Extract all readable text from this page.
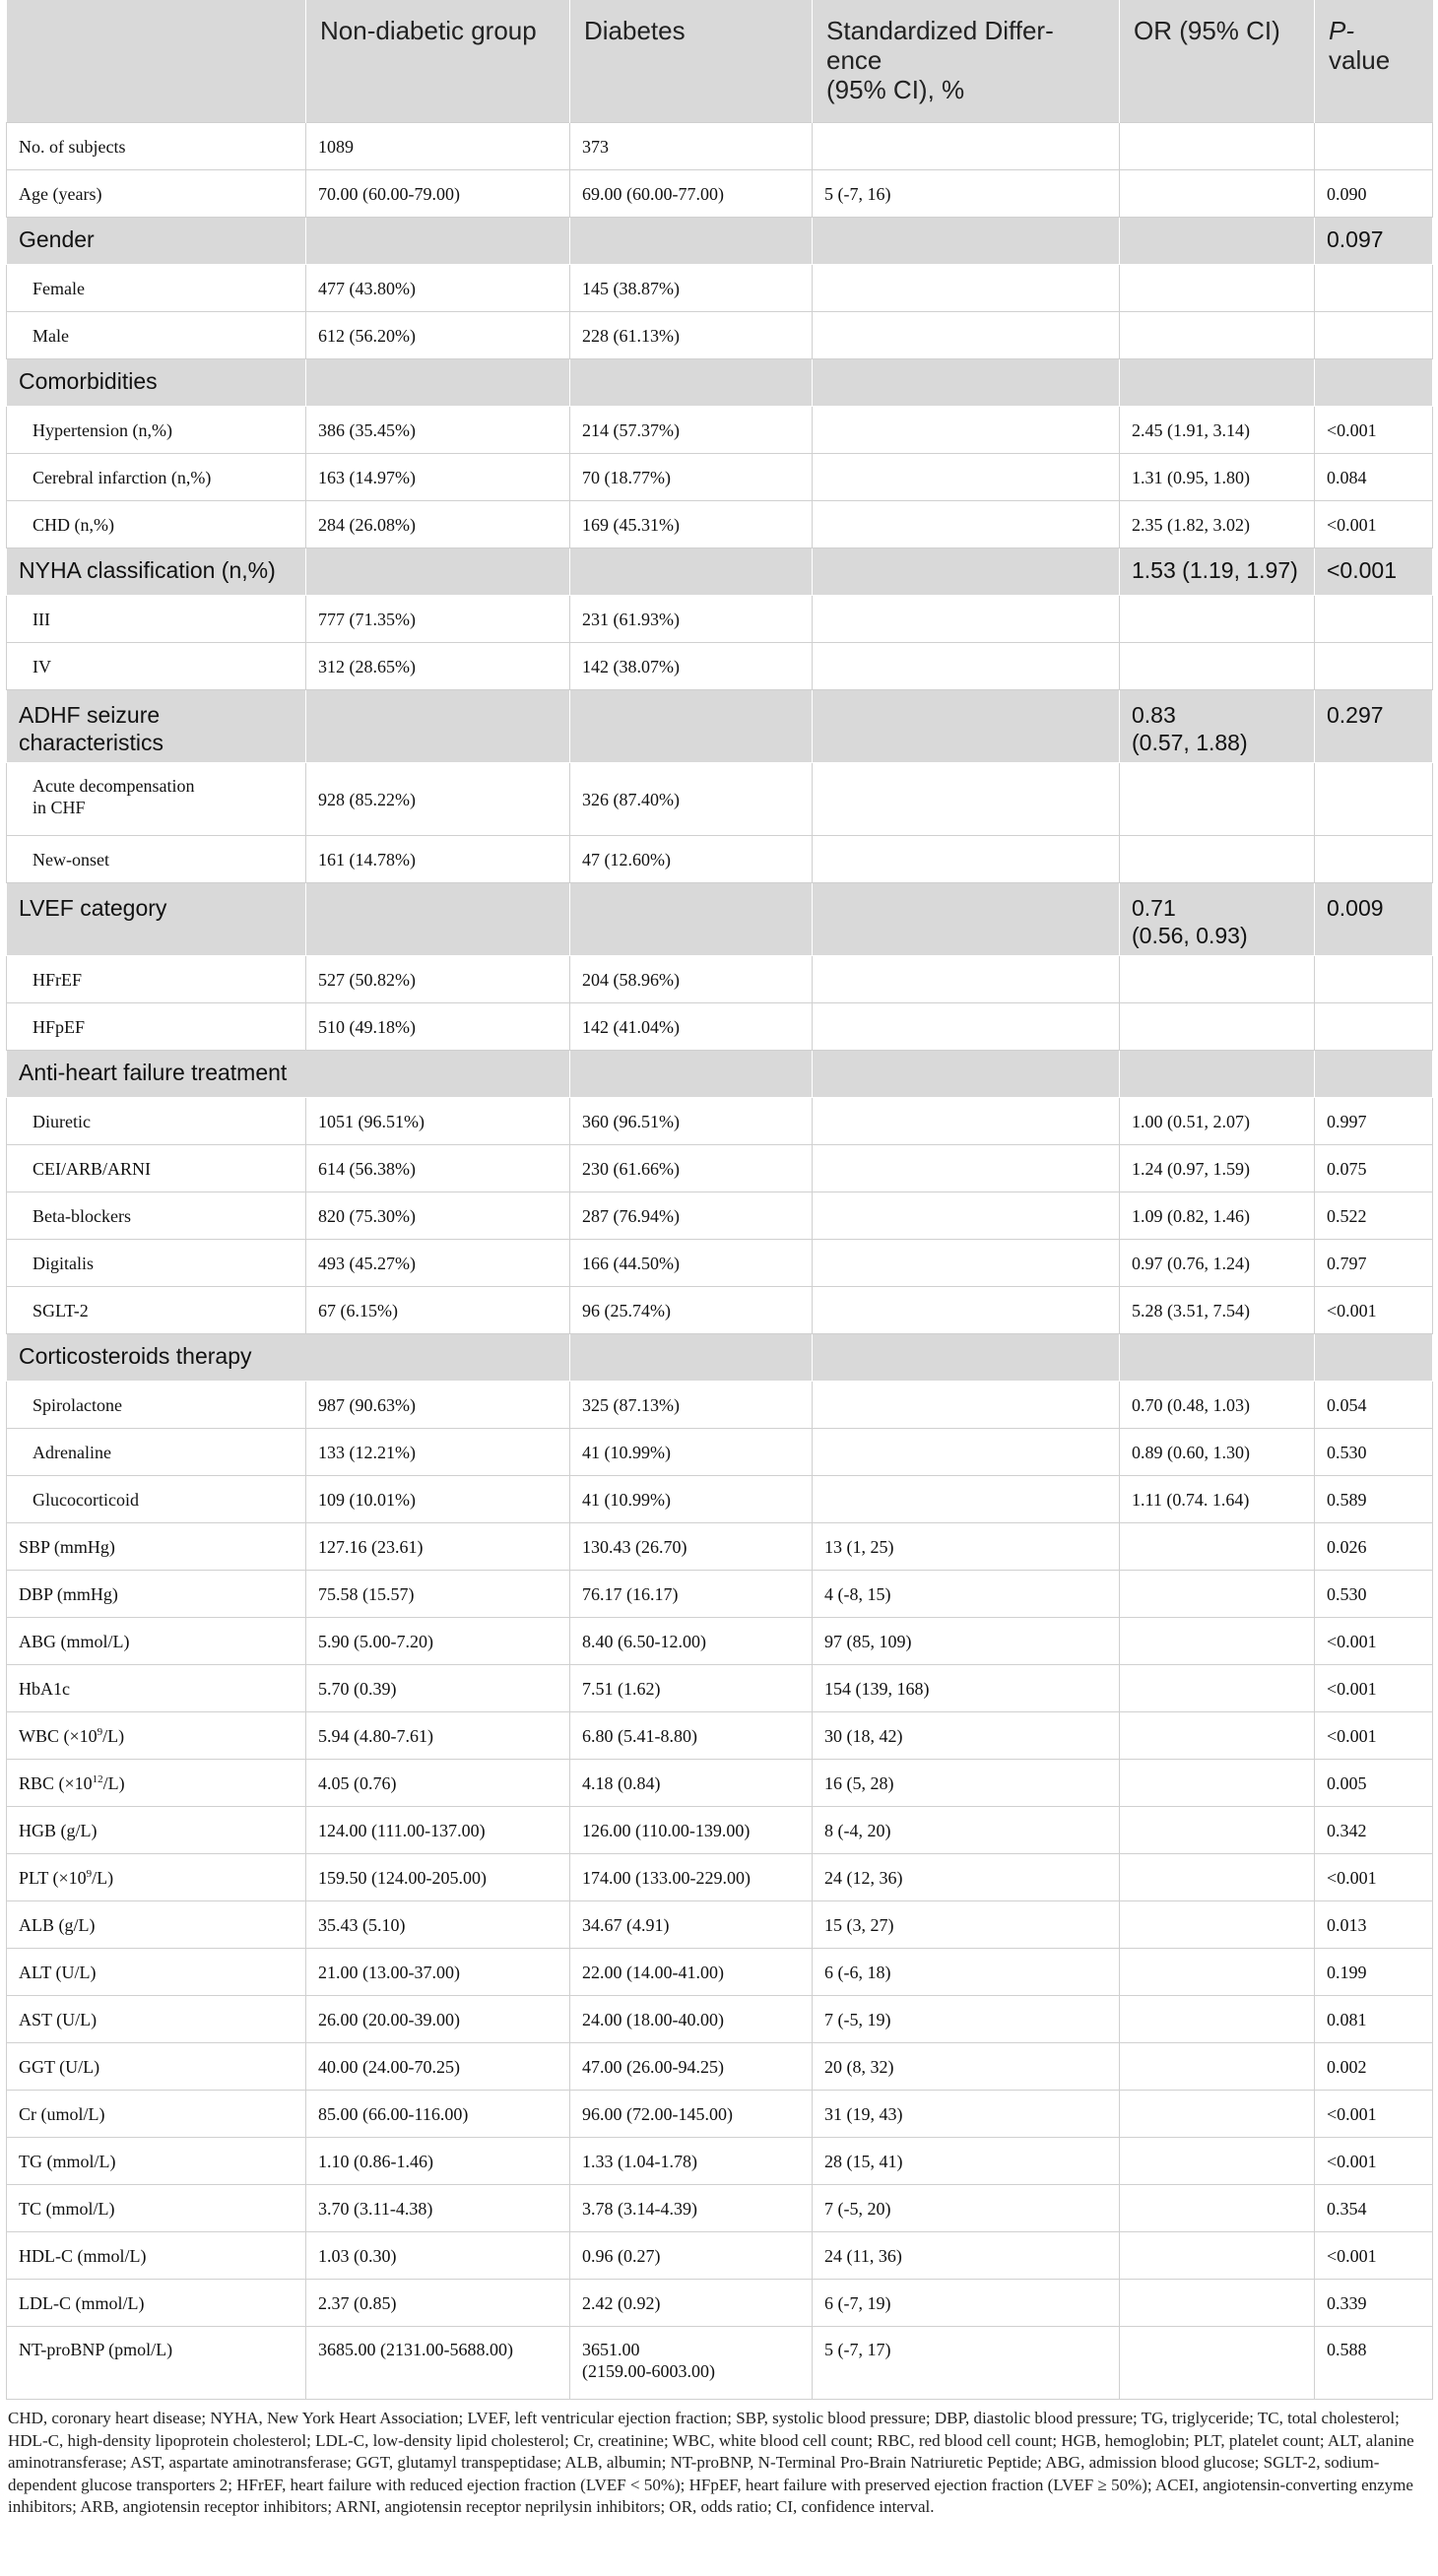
	Non-diabetic group	Diabetes	Standardized Differ-
ence
(95% CI), %	OR (95% CI)	P-
value
No. of subjects	1089	373			
Age (years)	70.00 (60.00-79.00)	69.00 (60.00-77.00)	5 (-7, 16)		0.090
Gender					0.097
Female	477 (43.80%)	145 (38.87%)			
Male	612 (56.20%)	228 (61.13%)			
Comorbidities					
Hypertension (n,%)	386 (35.45%)	214 (57.37%)		2.45 (1.91, 3.14)	<0.001
Cerebral infarction (n,%)	163 (14.97%)	70 (18.77%)		1.31 (0.95, 1.80)	0.084
CHD (n,%)	284 (26.08%)	169 (45.31%)		2.35 (1.82, 3.02)	<0.001
NYHA classification (n,%)				1.53 (1.19, 1.97)	<0.001
III	777 (71.35%)	231 (61.93%)			
IV	312 (28.65%)	142 (38.07%)			
ADHF seizure characteristics				0.83
(0.57, 1.88)	0.297
Acute decompensation
in CHF	928 (85.22%)	326 (87.40%)			
New-onset	161 (14.78%)	47 (12.60%)			
LVEF category				0.71
(0.56, 0.93)	0.009
HFrEF	527 (50.82%)	204 (58.96%)			
HFpEF	510 (49.18%)	142 (41.04%)			
Anti-heart failure treatment					
Diuretic	1051 (96.51%)	360 (96.51%)		1.00 (0.51, 2.07)	0.997
CEI/ARB/ARNI	614 (56.38%)	230 (61.66%)		1.24 (0.97, 1.59)	0.075
Beta-blockers	820 (75.30%)	287 (76.94%)		1.09 (0.82, 1.46)	0.522
Digitalis	493 (45.27%)	166 (44.50%)		0.97 (0.76, 1.24)	0.797
SGLT-2	67 (6.15%)	96 (25.74%)		5.28 (3.51, 7.54)	<0.001
Corticosteroids therapy					
Spirolactone	987 (90.63%)	325 (87.13%)		0.70 (0.48, 1.03)	0.054
Adrenaline	133 (12.21%)	41 (10.99%)		0.89 (0.60, 1.30)	0.530
Glucocorticoid	109 (10.01%)	41 (10.99%)		1.11 (0.74. 1.64)	0.589
SBP (mmHg)	127.16 (23.61)	130.43 (26.70)	13 (1, 25)		0.026
DBP (mmHg)	75.58 (15.57)	76.17 (16.17)	4 (-8, 15)		0.530
ABG (mmol/L)	5.90 (5.00-7.20)	8.40 (6.50-12.00)	97 (85, 109)		<0.001
HbA1c	5.70 (0.39)	7.51 (1.62)	154 (139, 168)		<0.001
WBC $(\times 10^9/L)$	5.94 (4.80-7.61)	6.80 (5.41-8.80)	30 (18, 42)		<0.001
RBC $(\times 10^{12}/L)$	4.05 (0.76)	4.18 (0.84)	16 (5, 28)		0.005
HGB (g/L)	124.00 (111.00-137.00)	126.00 (110.00-139.00)	8 (-4, 20)		0.342
PLT $(\times 10^9/L)$	159.50 (124.00-205.00)	174.00 (133.00-229.00)	24 (12, 36)		<0.001
ALB (g/L)	35.43 (5.10)	34.67 (4.91)	15 (3, 27)		0.013
ALT (U/L)	21.00 (13.00-37.00)	22.00 (14.00-41.00)	6 (-6, 18)		0.199
AST (U/L)	26.00 (20.00-39.00)	24.00 (18.00-40.00)	7 (-5, 19)		0.081
GGT (U/L)	40.00 (24.00-70.25)	47.00 (26.00-94.25)	20 (8, 32)		0.002
Cr (umol/L)	85.00 (66.00-116.00)	96.00 (72.00-145.00)	31 (19, 43)		<0.001
TG (mmol/L)	1.10 (0.86-1.46)	1.33 (1.04-1.78)	28 (15, 41)		<0.001
TC (mmol/L)	3.70 (3.11-4.38)	3.78 (3.14-4.39)	7 (-5, 20)		0.354
HDL-C (mmol/L)	1.03 (0.30)	0.96 (0.27)	24 (11, 36)		<0.001
LDL-C (mmol/L)	2.37 (0.85)	2.42 (0.92)	6 (-7, 19)		0.339
NT-proBNP (pmol/L)	3685.00 (2131.00-5688.00)	3651.00
(2159.00-6003.00)	5 (-7, 17)		0.588
CHD, coronary heart disease; NYHA, New York Heart Association; LVEF, left ventricular ejection fraction; SBP, systolic blood pressure; DBP, diastolic blood pressure; TG, triglyceride; TC, total cholesterol; HDL-C, high-density lipoprotein cholesterol; LDL-C, low-density lipid cholesterol; Cr, creatinine; WBC, white blood cell count; RBC, red blood cell count; HGB, hemoglobin; PLT, platelet count; ALT, alanine aminotransferase; AST, aspartate aminotransferase; GGT, glutamyl transpeptidase; ALB, albumin; NT-proBNP, N-Terminal Pro-Brain Natriuretic Peptide; ABG, admission blood glucose; SGLT-2, sodium-dependent glucose transporters 2; HFrEF, heart failure with reduced ejection fraction (LVEF < 50%); HFpEF, heart failure with preserved ejection fraction (LVEF ≥ 50%); ACEI, angiotensin-converting enzyme inhibitors; ARB, angiotensin receptor inhibitors; ARNI, angiotensin receptor neprilysin inhibitors; OR, odds ratio; CI, confidence interval.
